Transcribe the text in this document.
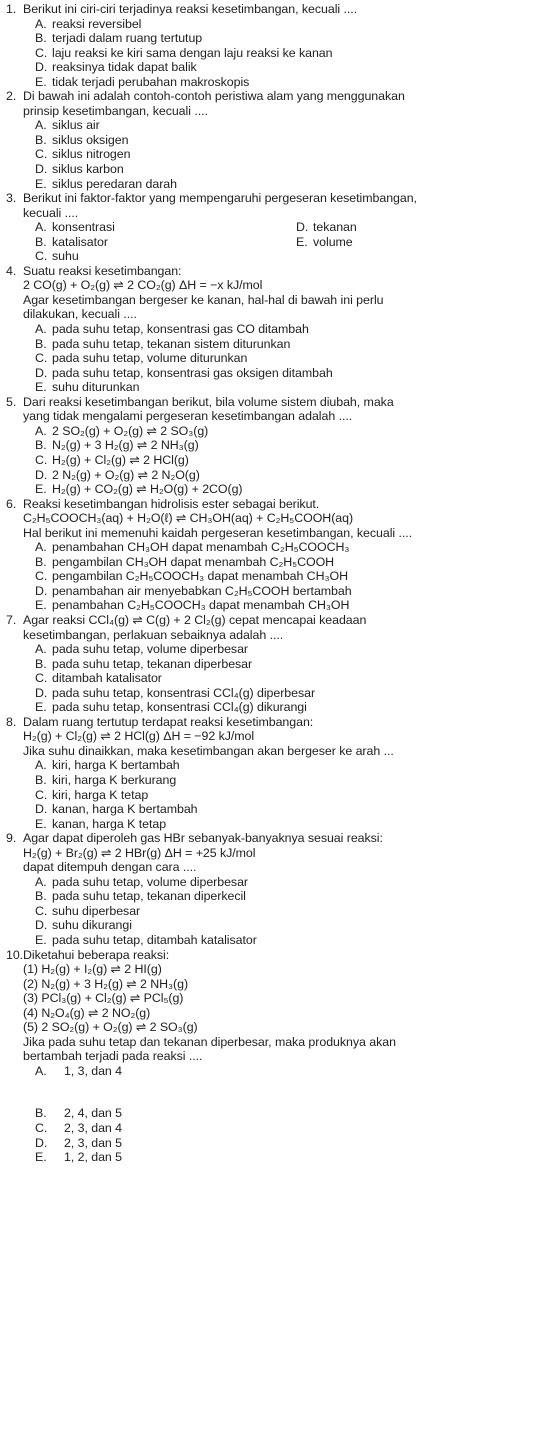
1. Berikut ini ciri-ciri terjadinya reaksi kesetimbangan, kecuali ....
A. reaksi reversibel
B. terjadi dalam ruang tertutup
C. laju reaksi ke kiri sama dengan laju reaksi ke kanan
D. reaksinya tidak dapat balik
E. tidak terjadi perubahan makroskopis
2. Di bawah ini adalah contoh-contoh peristiwa alam yang menggunakan
prinsip kesetimbangan, kecuali ....
A. siklus air
B. siklus oksigen
C. siklus nitrogen
D. siklus karbon
E. siklus peredaran darah
3. Berikut ini faktor-faktor yang mempengaruhi pergeseran kesetimbangan,
kecuali ....
A. konsentrasi	D. tekanan
B. katalisator	E. volume
C. suhu
4. Suatu reaksi kesetimbangan:
2 CO(g) + O₂(g) ⇌ 2 CO₂(g) ΔH = −x kJ/mol
Agar kesetimbangan bergeser ke kanan, hal-hal di bawah ini perlu
dilakukan, kecuali ....
A. pada suhu tetap, konsentrasi gas CO ditambah
B. pada suhu tetap, tekanan sistem diturunkan
C. pada suhu tetap, volume diturunkan
D. pada suhu tetap, konsentrasi gas oksigen ditambah
E. suhu diturunkan
5. Dari reaksi kesetimbangan berikut, bila volume sistem diubah, maka
yang tidak mengalami pergeseran kesetimbangan adalah ....
A. 2 SO₂(g) + O₂(g) ⇌ 2 SO₃(g)
B. N₂(g) + 3 H₂(g) ⇌ 2 NH₃(g)
C. H₂(g) + Cl₂(g) ⇌ 2 HCl(g)
D. 2 N₂(g) + O₂(g) ⇌ 2 N₂O(g)
E. H₂(g) + CO₂(g) ⇌ H₂O(g) + 2CO(g)
6. Reaksi kesetimbangan hidrolisis ester sebagai berikut.
C₂H₅COOCH₃(aq) + H₂O(ℓ) ⇌ CH₃OH(aq) + C₂H₅COOH(aq)
Hal berikut ini memenuhi kaidah pergeseran kesetimbangan, kecuali ....
A. penambahan CH₃OH dapat menambah C₂H₅COOCH₃
B. pengambilan CH₃OH dapat menambah C₂H₅COOH
C. pengambilan C₂H₅COOCH₃ dapat menambah CH₃OH
D. penambahan air menyebabkan C₂H₅COOH bertambah
E. penambahan C₂H₅COOCH₃ dapat menambah CH₃OH
7. Agar reaksi CCl₄(g) ⇌ C(g) + 2 Cl₂(g) cepat mencapai keadaan
kesetimbangan, perlakuan sebaiknya adalah ....
A. pada suhu tetap, volume diperbesar
B. pada suhu tetap, tekanan diperbesar
C. ditambah katalisator
D. pada suhu tetap, konsentrasi CCl₄(g) diperbesar
E. pada suhu tetap, konsentrasi CCl₄(g) dikurangi
8. Dalam ruang tertutup terdapat reaksi kesetimbangan:
H₂(g) + Cl₂(g) ⇌ 2 HCl(g) ΔH = −92 kJ/mol
Jika suhu dinaikkan, maka kesetimbangan akan bergeser ke arah ...
A. kiri, harga K bertambah
B. kiri, harga K berkurang
C. kiri, harga K tetap
D. kanan, harga K bertambah
E. kanan, harga K tetap
9. Agar dapat diperoleh gas HBr sebanyak-banyaknya sesuai reaksi:
H₂(g) + Br₂(g) ⇌ 2 HBr(g) ΔH = +25 kJ/mol
dapat ditempuh dengan cara ....
A. pada suhu tetap, volume diperbesar
B. pada suhu tetap, tekanan diperkecil
C. suhu diperbesar
D. suhu dikurangi
E. pada suhu tetap, ditambah katalisator
10. Diketahui beberapa reaksi:
(1) H₂(g) + I₂(g) ⇌ 2 HI(g)
(2) N₂(g) + 3 H₂(g) ⇌ 2 NH₃(g)
(3) PCl₃(g) + Cl₂(g) ⇌ PCl₅(g)
(4) N₂O₄(g) ⇌ 2 NO₂(g)
(5) 2 SO₂(g) + O₂(g) ⇌ 2 SO₃(g)
Jika pada suhu tetap dan tekanan diperbesar, maka produknya akan
bertambah terjadi pada reaksi ....
A.	1, 3, dan 4
B.	2, 4, dan 5
C.	2, 3, dan 4
D.	2, 3, dan 5
E.	1, 2, dan 5
